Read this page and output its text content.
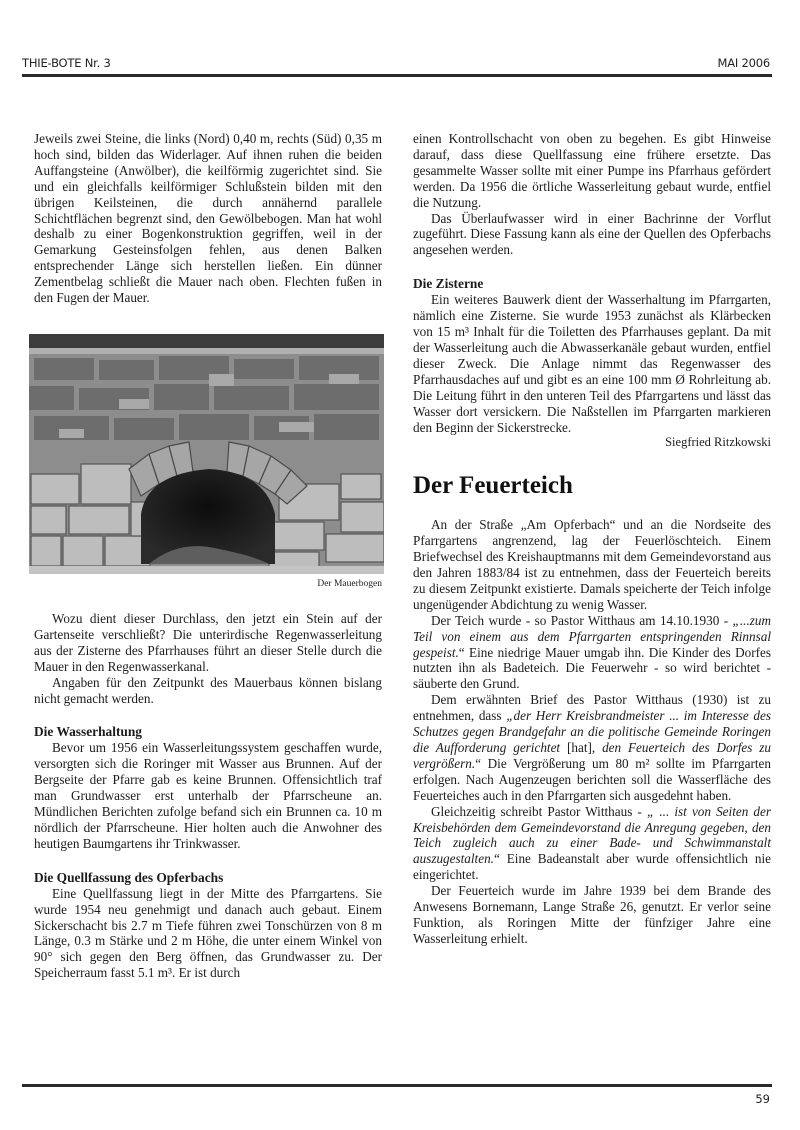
THIE-BOTE Nr. 3	MAI 2006

Jeweils zwei Steine, die links (Nord) 0,40 m, rechts (Süd) 0,35 m hoch sind, bilden das Widerlager. Auf ihnen ruhen die beiden Auffangsteine (Anwölber), die keilförmig zugerichtet sind. Sie und ein gleichfalls keilförmiger Schlußstein bilden mit den übrigen Keilsteinen, die durch annähernd parallele Schichtflächen begrenzt sind, den Gewölbebogen. Man hat wohl deshalb zu einer Bogenkonstruktion gegriffen, weil in der Gemarkung Gesteinsfolgen fehlen, aus denen Balken entsprechender Länge sich herstellen ließen. Ein dünner Zementbelag schließt die Mauer nach oben. Flechten fußen in den Fugen der Mauer.

Der Mauerbogen

Wozu dient dieser Durchlass, den jetzt ein Stein auf der Gartenseite verschließt? Die unterirdische Regenwasserleitung aus der Zisterne des Pfarrhauses führt an dieser Stelle durch die Mauer in den Regenwasserkanal.

Angaben für den Zeitpunkt des Mauerbaus können bislang nicht gemacht werden.

Die Wasserhaltung

Bevor um 1956 ein Wasserleitungssystem geschaffen wurde, versorgten sich die Roringer mit Wasser aus Brunnen. Auf der Bergseite der Pfarre gab es keine Brunnen. Offensichtlich traf man Grundwasser erst unterhalb der Pfarrscheune an. Mündlichen Berichten zufolge befand sich ein Brunnen ca. 10 m nördlich der Pfarrscheune. Hier holten auch die Anwohner des heutigen Baumgartens ihr Trinkwasser.

Die Quellfassung des Opferbachs

Eine Quellfassung liegt in der Mitte des Pfarrgartens. Sie wurde 1954 neu genehmigt und danach auch gebaut. Einem Sickerschacht bis 2.7 m Tiefe führen zwei Tonschürzen von 8 m Länge, 0.3 m Stärke und 2 m Höhe, die unter einem Winkel von 90° sich gegen den Berg öffnen, das Grundwasser zu. Der Speicherraum fasst 5.1 m³. Er ist durch

einen Kontrollschacht von oben zu begehen. Es gibt Hinweise darauf, dass diese Quellfassung eine frühere ersetzte. Das gesammelte Wasser sollte mit einer Pumpe ins Pfarrhaus gefördert werden. Da 1956 die örtliche Wasserleitung gebaut wurde, entfiel die Nutzung.

Das Überlaufwasser wird in einer Bachrinne der Vorflut zugeführt. Diese Fassung kann als eine der Quellen des Opferbachs angesehen werden.

Die Zisterne

Ein weiteres Bauwerk dient der Wasserhaltung im Pfarrgarten, nämlich eine Zisterne. Sie wurde 1953 zunächst als Klärbecken von 15 m³ Inhalt für die Toiletten des Pfarrhauses geplant. Da mit der Wasserleitung auch die Abwasserkanäle gebaut wurden, entfiel dieser Zweck. Die Anlage nimmt das Regenwasser des Pfarrhausdaches auf und gibt es an eine 100 mm Ø Rohrleitung ab. Die Leitung führt in den unteren Teil des Pfarrgartens und lässt das Wasser dort versickern. Die Naßstellen im Pfarrgarten markieren den Beginn der Sickerstrecke.

Siegfried Ritzkowski

Der Feuerteich

An der Straße „Am Opferbach“ und an die Nordseite des Pfarrgartens angrenzend, lag der Feuerlöschteich. Einem Briefwechsel des Kreishauptmanns mit dem Gemeindevorstand aus den Jahren 1883/84 ist zu entnehmen, dass der Feuerteich bereits zu diesem Zeitpunkt existierte. Damals speicherte der Teich infolge ungenügender Abdichtung zu wenig Wasser.

Der Teich wurde - so Pastor Witthaus am 14.10.1930 - „...zum Teil von einem aus dem Pfarrgarten entspringenden Rinnsal gespeist.“ Eine niedrige Mauer umgab ihn. Die Kinder des Dorfes nutzten ihn als Badeteich. Die Feuerwehr - so wird berichtet - säuberte den Grund.

Dem erwähnten Brief des Pastor Witthaus (1930) ist zu entnehmen, dass „der Herr Kreisbrandmeister ... im Interesse des Schutzes gegen Brandgefahr an die politische Gemeinde Roringen die Aufforderung gerichtet [hat], den Feuerteich des Dorfes zu vergrößern.“ Die Vergrößerung um 80 m² sollte im Pfarrgarten erfolgen. Nach Augenzeugen berichten soll die Wasserfläche des Feuerteiches auch in den Pfarrgarten sich ausgedehnt haben.

Gleichzeitig schreibt Pastor Witthaus - „ ... ist von Seiten der Kreisbehörden dem Gemeindevorstand die Anregung gegeben, den Teich zugleich auch zu einer Bade- und Schwimmanstalt auszugestalten.“ Eine Badeanstalt aber wurde offensichtlich nie eingerichtet.

Der Feuerteich wurde im Jahre 1939 bei dem Brande des Anwesens Bornemann, Lange Straße 26, genutzt. Er verlor seine Funktion, als Roringen Mitte der fünfziger Jahre eine Wasserleitung erhielt.

59
